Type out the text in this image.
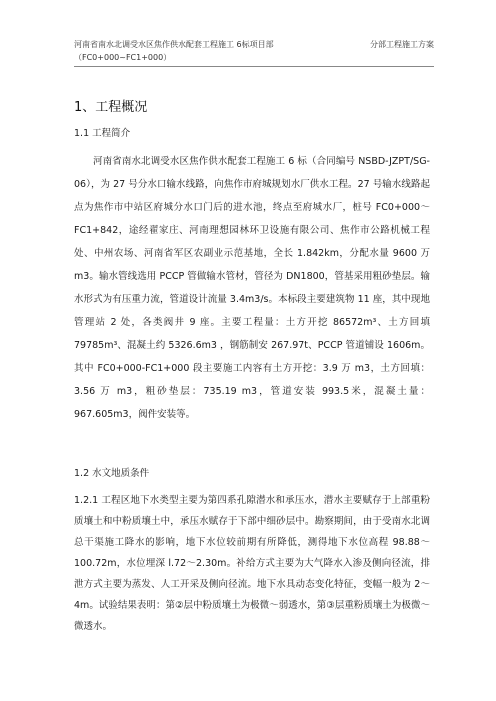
河南省南水北调受水区焦作供水配套工程施工 6标项目部（FC0+000~FC1+000）
分部工程施工方案
1、工程概况
1.1 工程简介
河南省南水北调受水区焦作供水配套工程施工 6 标（合同编号 NSBD-JZPT/SG-06），为 27 号分水口输水线路，向焦作市府城规划水厂供水工程。27 号输水线路起点为焦作市中站区府城分水口门后的进水池，终点至府城水厂，桩号 FC0+000～FC1+842，途经翟家庄、河南理想园林环卫设施有限公司、焦作市公路机械工程处、中州农场、河南省军区农副业示范基地，全长 1.842km，分配水量 9600 万 m3。输水管线选用 PCCP 管做输水管材，管径为 DN1800，管基采用粗砂垫层。输水形式为有压重力流，管道设计流量 3.4m3/s。本标段主要建筑物 11 座，其中现地管理站 2 处，各类阀井 9 座。主要工程量：土方开挖 86572m³、土方回填 79785m³、混凝土约 5326.6m3 ，钢筋制安 267.97t、PCCP 管道铺设 1606m。其中 FC0+000-FC1+000 段主要施工内容有土方开挖：3.9 万 m3，土方回填：3.56 万 m3，粗砂垫层：735.19 m3，管道安装 993.5米，混凝土量：967.605m3，阀件安装等。
1.2 水文地质条件
1.2.1 工程区地下水类型主要为第四系孔隙潜水和承压水，潜水主要赋存于上部重粉质壤土和中粉质壤土中，承压水赋存于下部中细砂层中。勘察期间，由于受南水北调总干渠施工降水的影响，地下水位较前期有所降低，测得地下水位高程 98.88～100.72m，水位埋深 l.72～2.30m。补给方式主要为大气降水入渗及侧向径流，排泄方式主要为蒸发、人工开采及侧向径流。地下水具动态变化特征，变幅一般为 2～4m。试验结果表明：第②层中粉质壤土为极微～弱透水，第③层重粉质壤土为极微～微透水。
